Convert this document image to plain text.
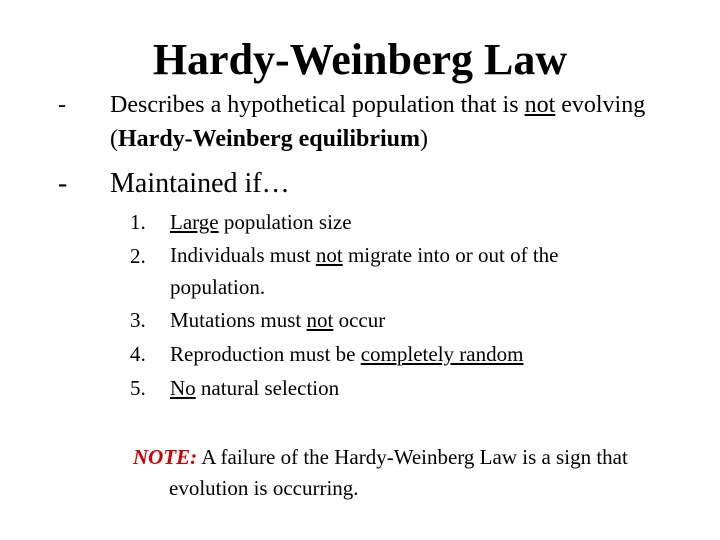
Hardy-Weinberg Law
- Describes a hypothetical population that is not evolving (Hardy-Weinberg equilibrium)
- Maintained if…
1. Large population size
2. Individuals must not migrate into or out of the population.
3. Mutations must not occur
4. Reproduction must be completely random
5. No natural selection
NOTE: A failure of the Hardy-Weinberg Law is a sign that evolution is occurring.
